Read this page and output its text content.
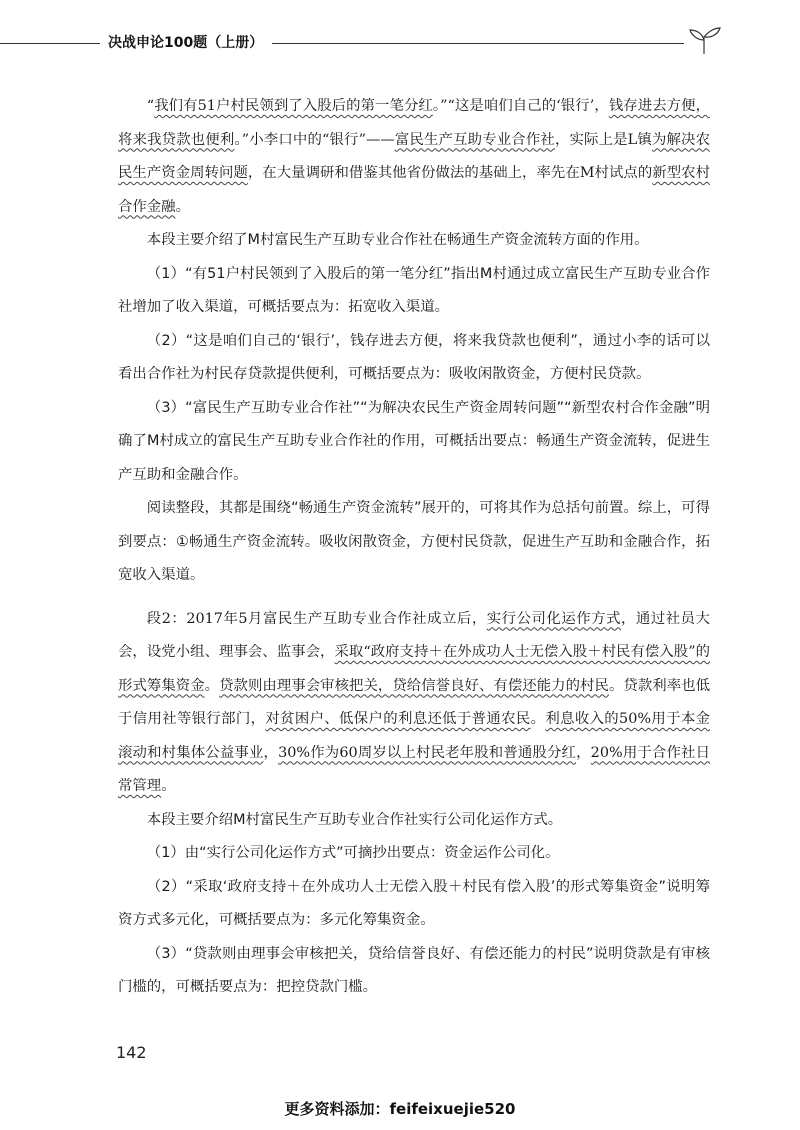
决战申论100题（上册）

“我们有51户村民领到了入股后的第一笔分红。”“这是咱们自己的‘银行’，钱存进去方便，将来我贷款也便利。”小李口中的“银行”——富民生产互助专业合作社，实际上是L镇为解决农民生产资金周转问题，在大量调研和借鉴其他省份做法的基础上，率先在M村试点的新型农村合作金融。

本段主要介绍了M村富民生产互助专业合作社在畅通生产资金流转方面的作用。

（1）“有51户村民领到了入股后的第一笔分红”指出M村通过成立富民生产互助专业合作社增加了收入渠道，可概括要点为：拓宽收入渠道。

（2）“这是咱们自己的‘银行’，钱存进去方便，将来我贷款也便利”，通过小李的话可以看出合作社为村民存贷款提供便利，可概括要点为：吸收闲散资金，方便村民贷款。

（3）“富民生产互助专业合作社”“为解决农民生产资金周转问题”“新型农村合作金融”明确了M村成立的富民生产互助专业合作社的作用，可概括出要点：畅通生产资金流转，促进生产互助和金融合作。

阅读整段，其都是围绕“畅通生产资金流转”展开的，可将其作为总括句前置。综上，可得到要点：①畅通生产资金流转。吸收闲散资金，方便村民贷款，促进生产互助和金融合作，拓宽收入渠道。

段2：2017年5月富民生产互助专业合作社成立后，实行公司化运作方式，通过社员大会，设党小组、理事会、监事会，采取“政府支持＋在外成功人士无偿入股＋村民有偿入股”的形式筹集资金。贷款则由理事会审核把关，贷给信誉良好、有偿还能力的村民。贷款利率也低于信用社等银行部门，对贫困户、低保户的利息还低于普通农民。利息收入的50%用于本金滚动和村集体公益事业，30%作为60周岁以上村民老年股和普通股分红，20%用于合作社日常管理。

本段主要介绍M村富民生产互助专业合作社实行公司化运作方式。

（1）由“实行公司化运作方式”可摘抄出要点：资金运作公司化。

（2）“采取‘政府支持＋在外成功人士无偿入股＋村民有偿入股’的形式筹集资金”说明筹资方式多元化，可概括要点为：多元化筹集资金。

（3）“贷款则由理事会审核把关，贷给信誉良好、有偿还能力的村民”说明贷款是有审核门槛的，可概括要点为：把控贷款门槛。

142
更多资料添加：feifeixuejie520
